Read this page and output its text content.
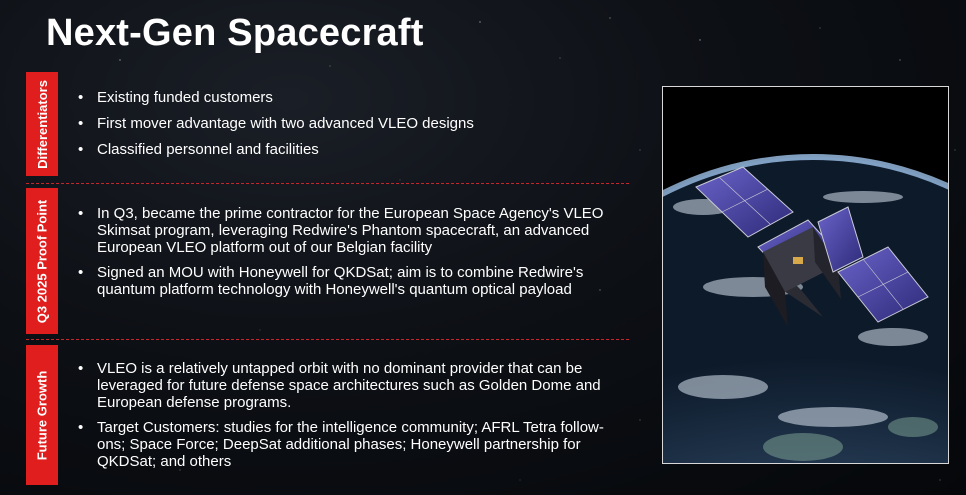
Next-Gen Spacecraft
Differentiators	• Existing funded customers
• First mover advantage with two advanced VLEO designs
• Classified personnel and facilities
Q3 2025 Proof Point	• In Q3, became the prime contractor for the European Space Agency's VLEO Skimsat program, leveraging Redwire's Phantom spacecraft, an advanced European VLEO platform out of our Belgian facility
• Signed an MOU with Honeywell for QKDSat; aim is to combine Redwire's quantum platform technology with Honeywell's quantum optical payload
Future Growth
• VLEO is a relatively untapped orbit with no dominant provider that can be leveraged for future defense space architectures such as Golden Dome and European defense programs.
• Target Customers: studies for the intelligence community; AFRL Tetra follow-ons; Space Force; DeepSat additional phases; Honeywell partnership for QKDSat; and others
